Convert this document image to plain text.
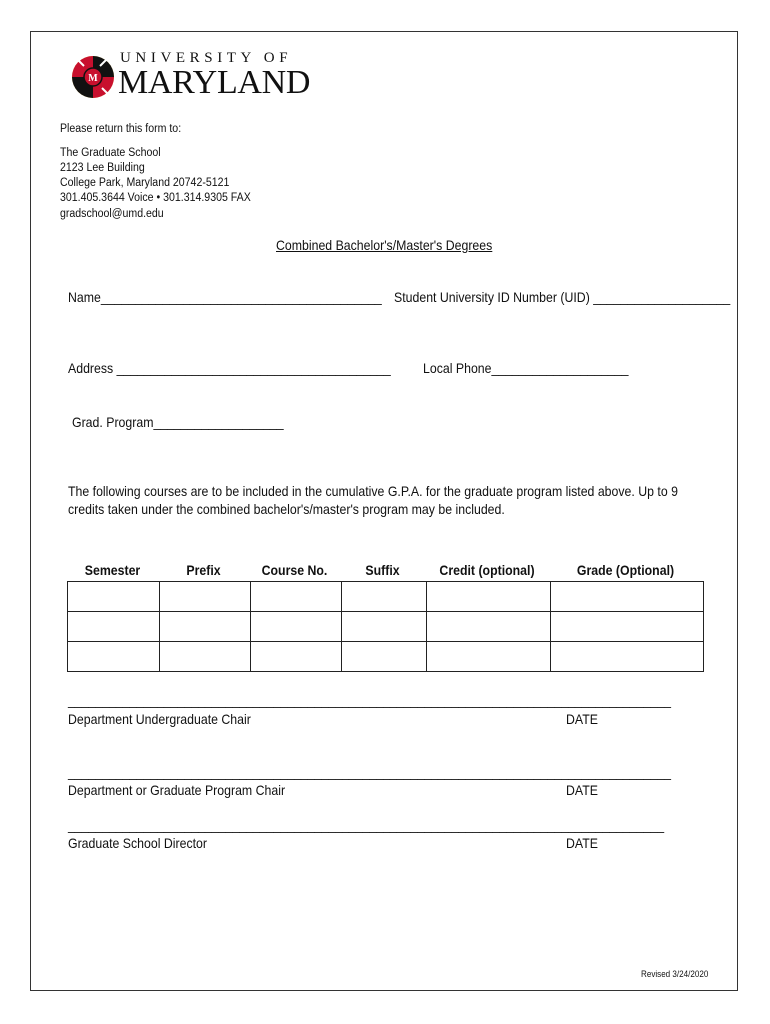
M
UNIVERSITY OF
MARYLAND
Please return this form to:
The Graduate School
2123 Lee Building
College Park, Maryland 20742-5121
301.405.3644 Voice • 301.314.9305 FAX
gradschool@umd.edu
Combined Bachelor's/Master's Degrees
Name_________________________________________ Student University ID Number (UID) ____________________
Address ________________________________________ Local Phone____________________
Grad. Program___________________
The following courses are to be included in the cumulative G.P.A. for the graduate program listed above. Up to 9
credits taken under the combined bachelor's/master's program may be included.
Semester	Prefix	Course No.	Suffix	Credit (optional)	Grade (Optional)

________________________________________________________________________________________
Department Undergraduate Chair	DATE
________________________________________________________________________________________
Department or Graduate Program Chair	DATE
_______________________________________________________________________________________
Graduate School Director	DATE
Revised 3/24/2020
